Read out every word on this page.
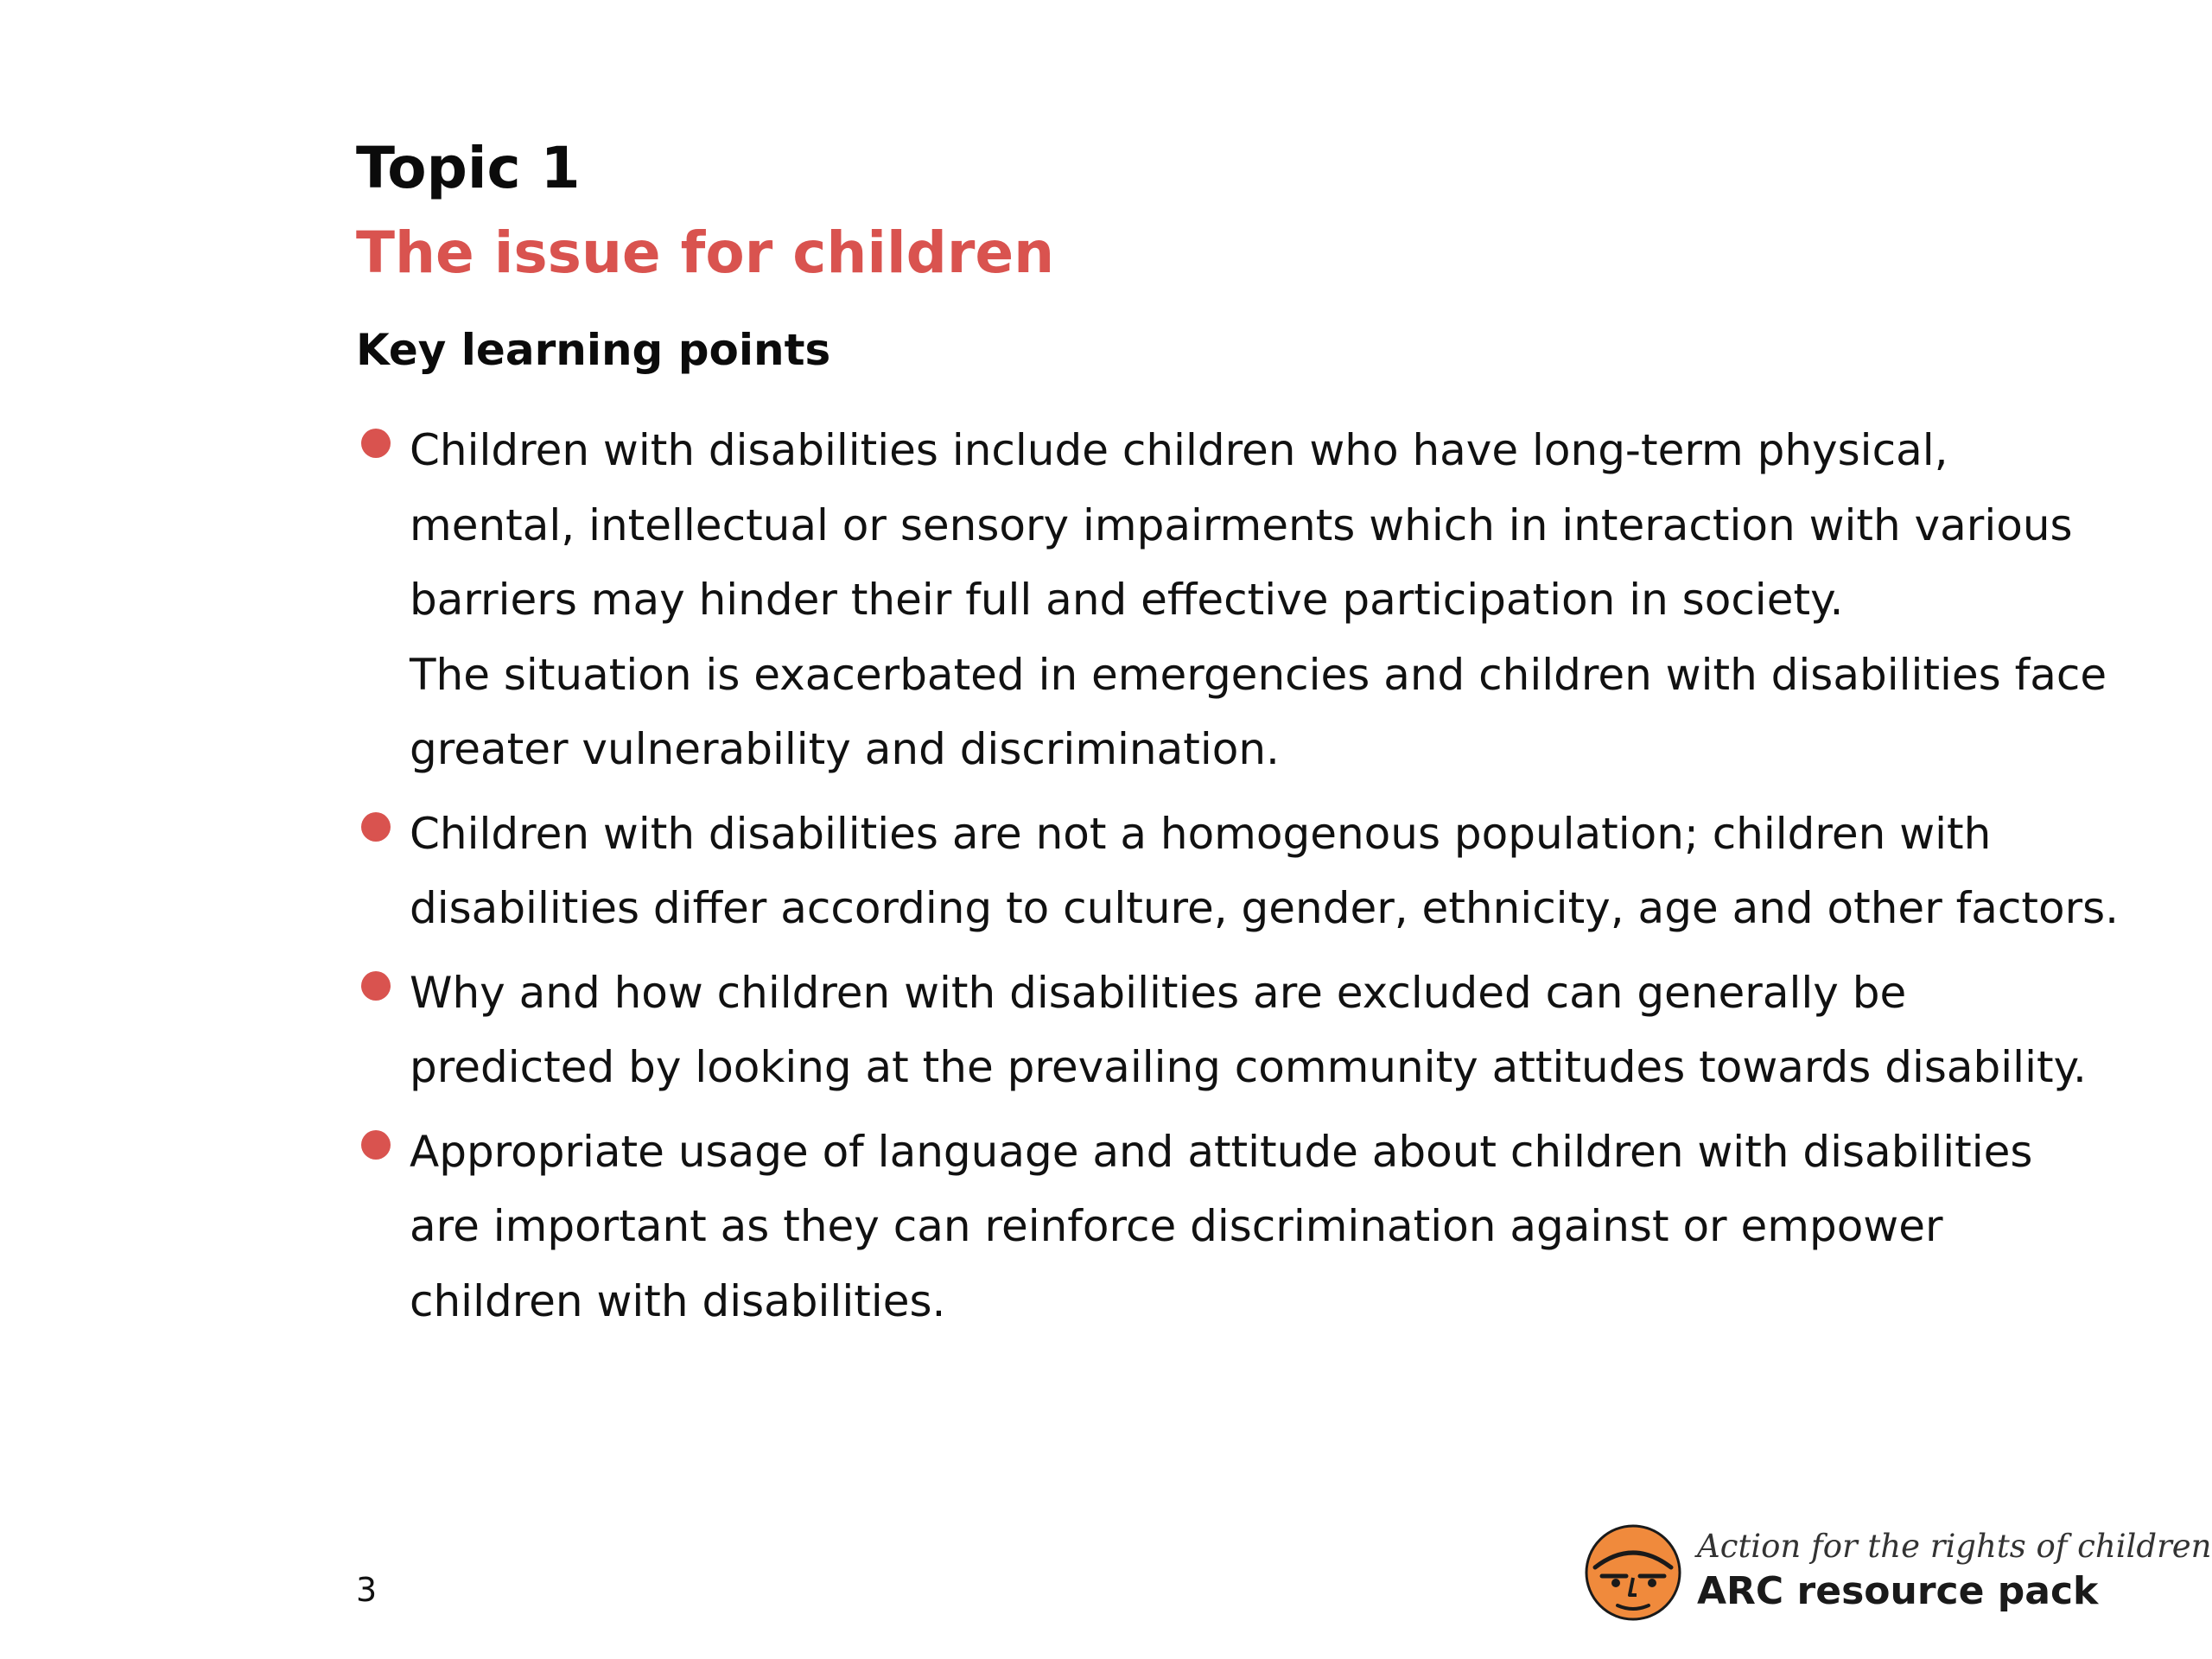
Topic 1
The issue for children
Key learning points
Children with disabilities include children who have long-term physical,
mental, intellectual or sensory impairments which in interaction with various
barriers may hinder their full and effective participation in society.
The situation is exacerbated in emergencies and children with disabilities face
greater vulnerability and discrimination.
Children with disabilities are not a homogenous population; children with
disabilities differ according to culture, gender, ethnicity, age and other factors.
Why and how children with disabilities are excluded can generally be
predicted by looking at the prevailing community attitudes towards disability.
Appropriate usage of language and attitude about children with disabilities
are important as they can reinforce discrimination against or empower
children with disabilities.
3
Action for the rights of children
ARC resource pack
